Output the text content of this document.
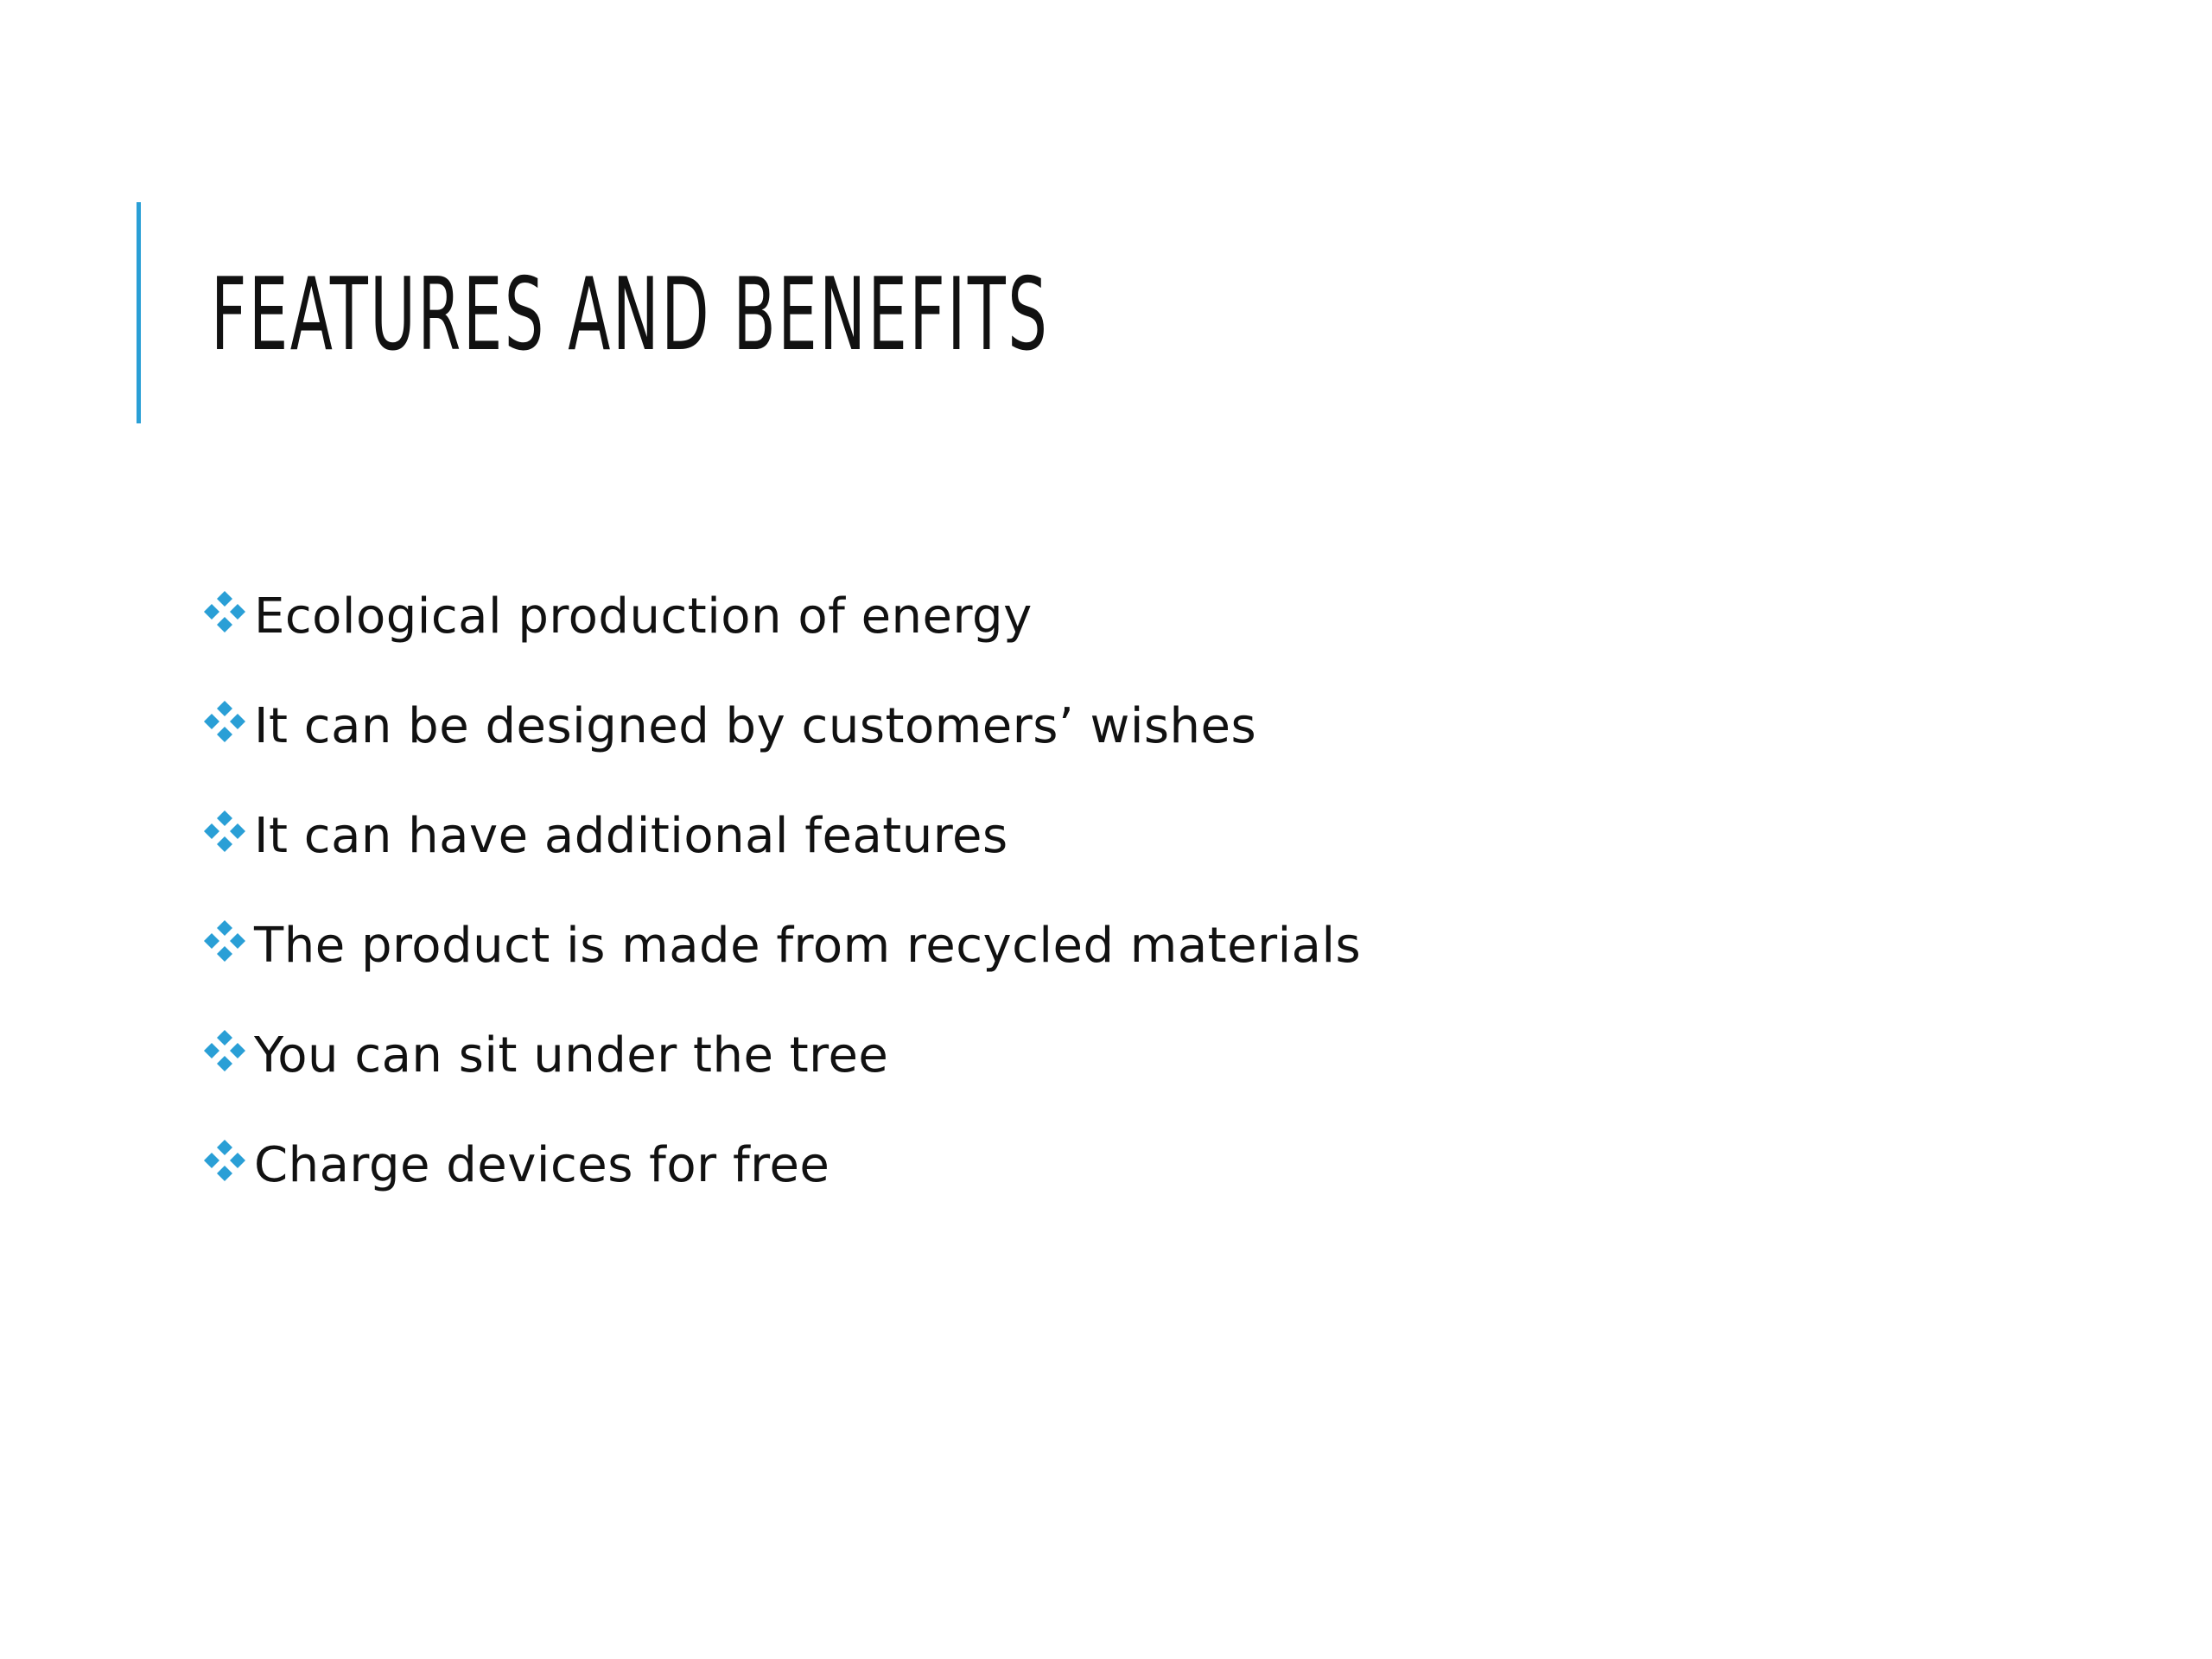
FEATURES AND BENEFITS
Ecological production of energy
It can be designed by customers’ wishes
It can have additional features
The product is made from recycled materials
You can sit under the tree
Charge devices for free
